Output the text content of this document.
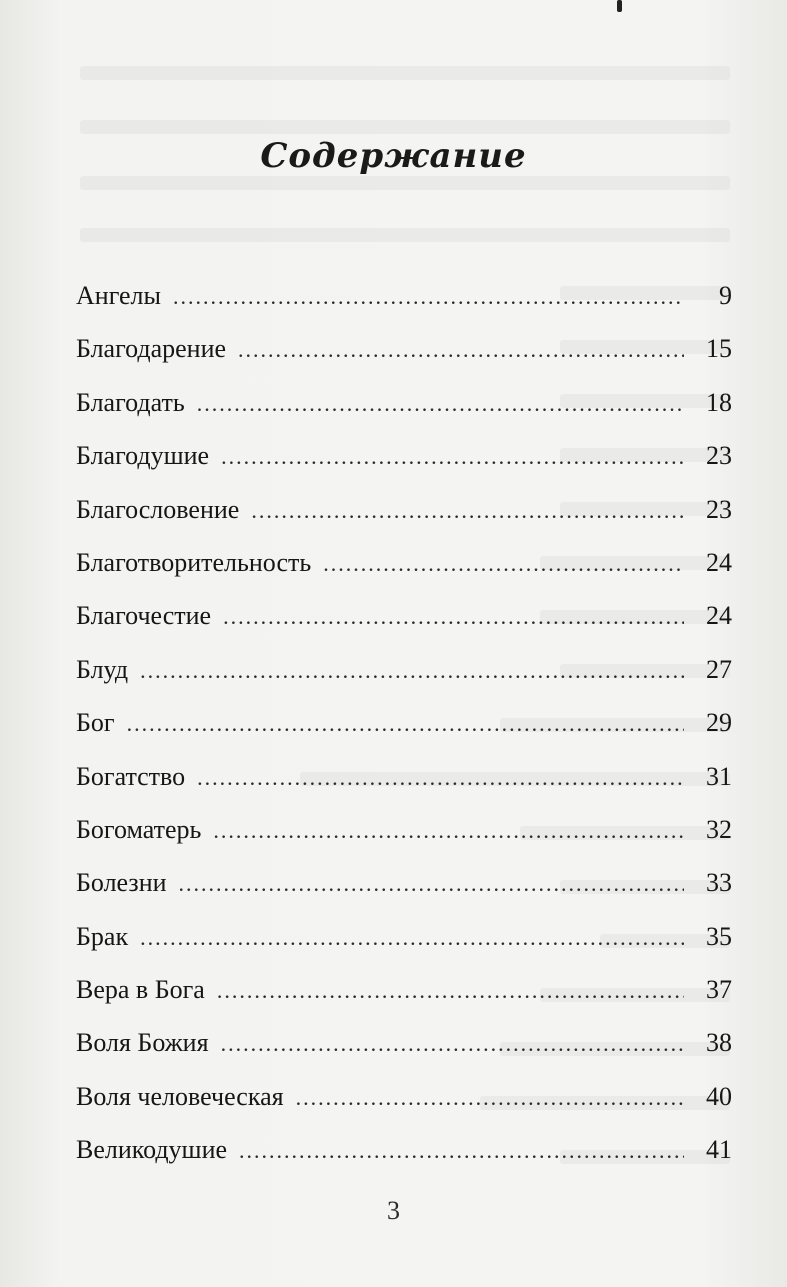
Содержание
Ангелы .....	9
Благодарение .....	15
Благодать .....	18
Благодушие .....	23
Благословение .....	23
Благотворительность .....	24
Благочестие .....	24
Блуд .....	27
Бог .....	29
Богатство .....	31
Богоматерь .....	32
Болезни .....	33
Брак .....	35
Вера в Бога .....	37
Воля Божия .....	38
Воля человеческая .....	40
Великодушие .....	41
3
